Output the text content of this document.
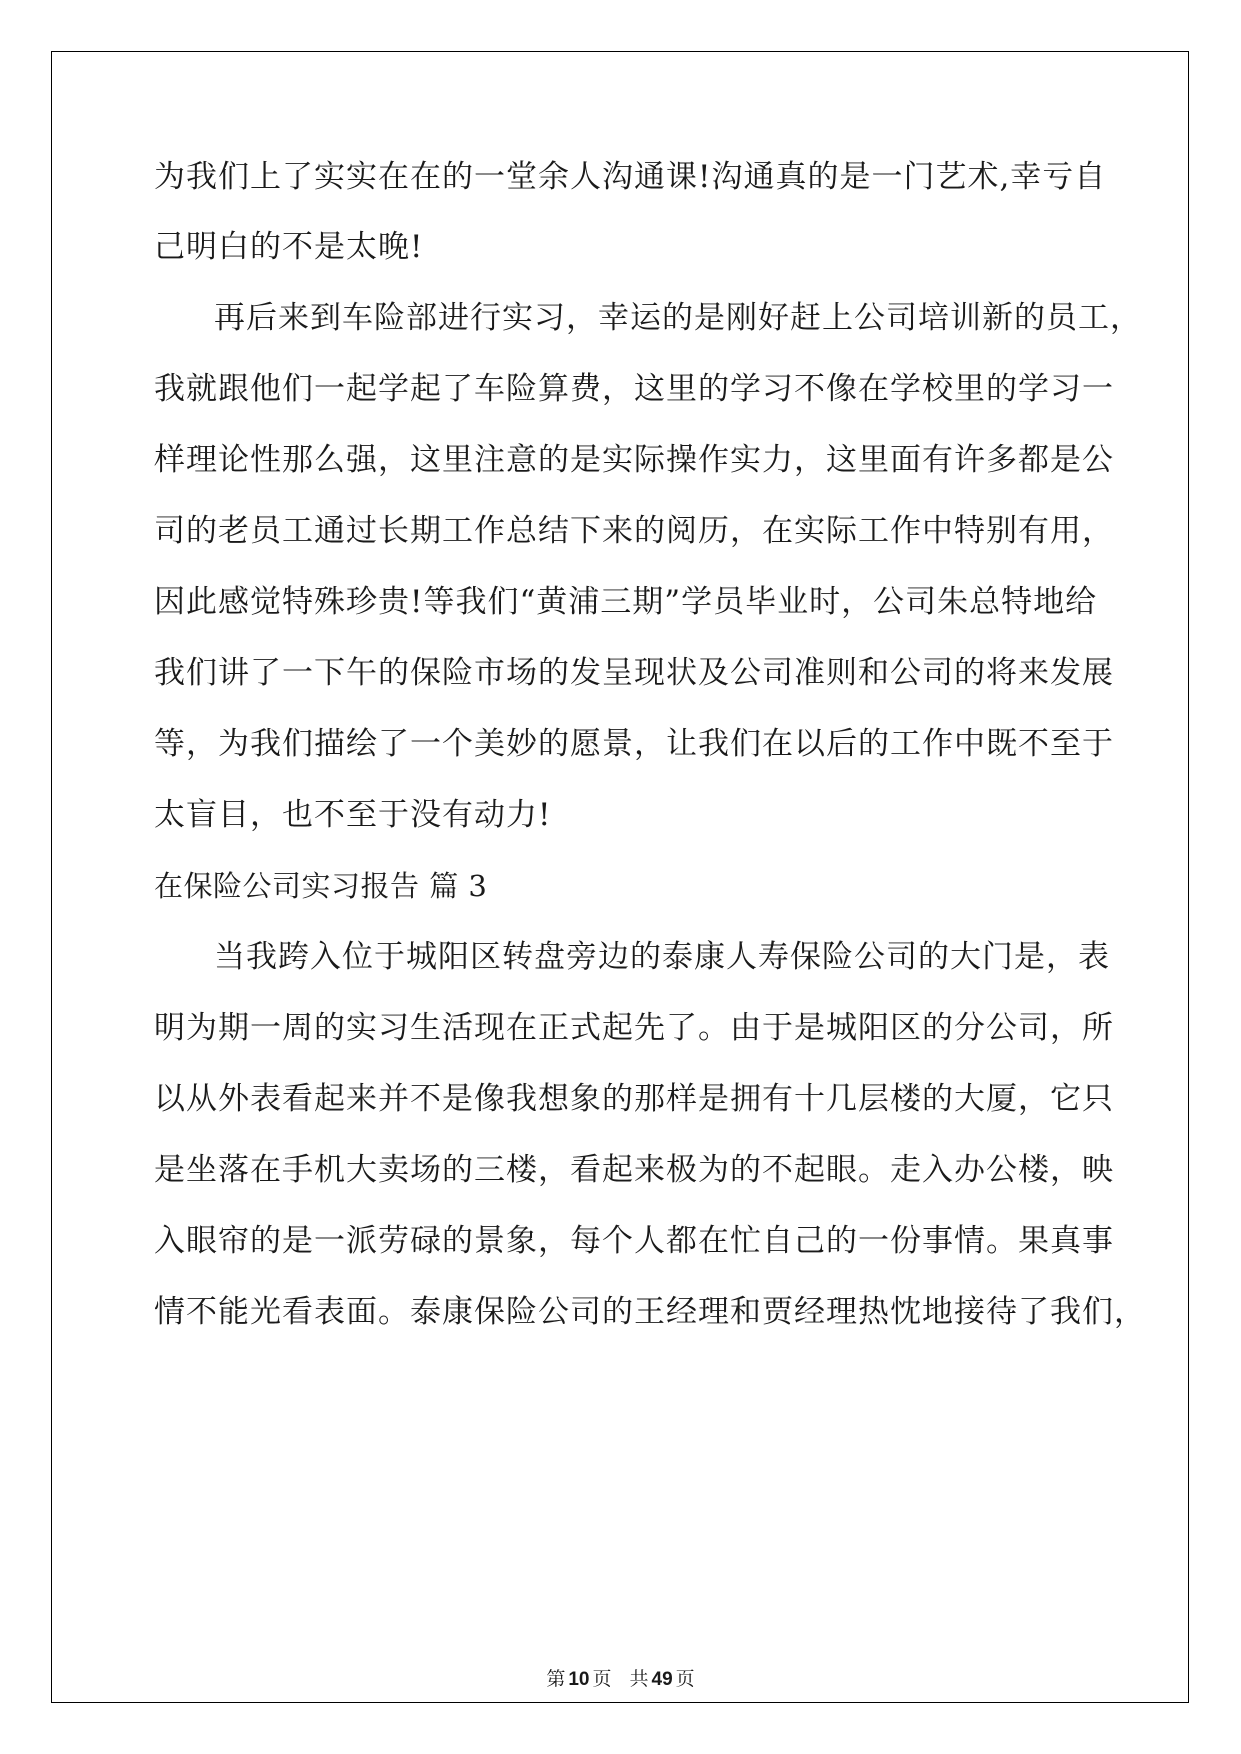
为我们上了实实在在的一堂余人沟通课!沟通真的是一门艺术,幸亏自
己明白的不是太晚!
再后来到车险部进行实习，幸运的是刚好赶上公司培训新的员工，
我就跟他们一起学起了车险算费，这里的学习不像在学校里的学习一
样理论性那么强，这里注意的是实际操作实力，这里面有许多都是公
司的老员工通过长期工作总结下来的阅历，在实际工作中特别有用，
因此感觉特殊珍贵!等我们“黄浦三期”学员毕业时，公司朱总特地给
我们讲了一下午的保险市场的发呈现状及公司准则和公司的将来发展
等，为我们描绘了一个美妙的愿景，让我们在以后的工作中既不至于
太盲目，也不至于没有动力!
在保险公司实习报告 篇 3
当我跨入位于城阳区转盘旁边的泰康人寿保险公司的大门是，表
明为期一周的实习生活现在正式起先了。由于是城阳区的分公司，所
以从外表看起来并不是像我想象的那样是拥有十几层楼的大厦，它只
是坐落在手机大卖场的三楼，看起来极为的不起眼。走入办公楼，映
入眼帘的是一派劳碌的景象，每个人都在忙自己的一份事情。果真事
情不能光看表面。泰康保险公司的王经理和贾经理热忱地接待了我们，
第 10 页 共 49 页
